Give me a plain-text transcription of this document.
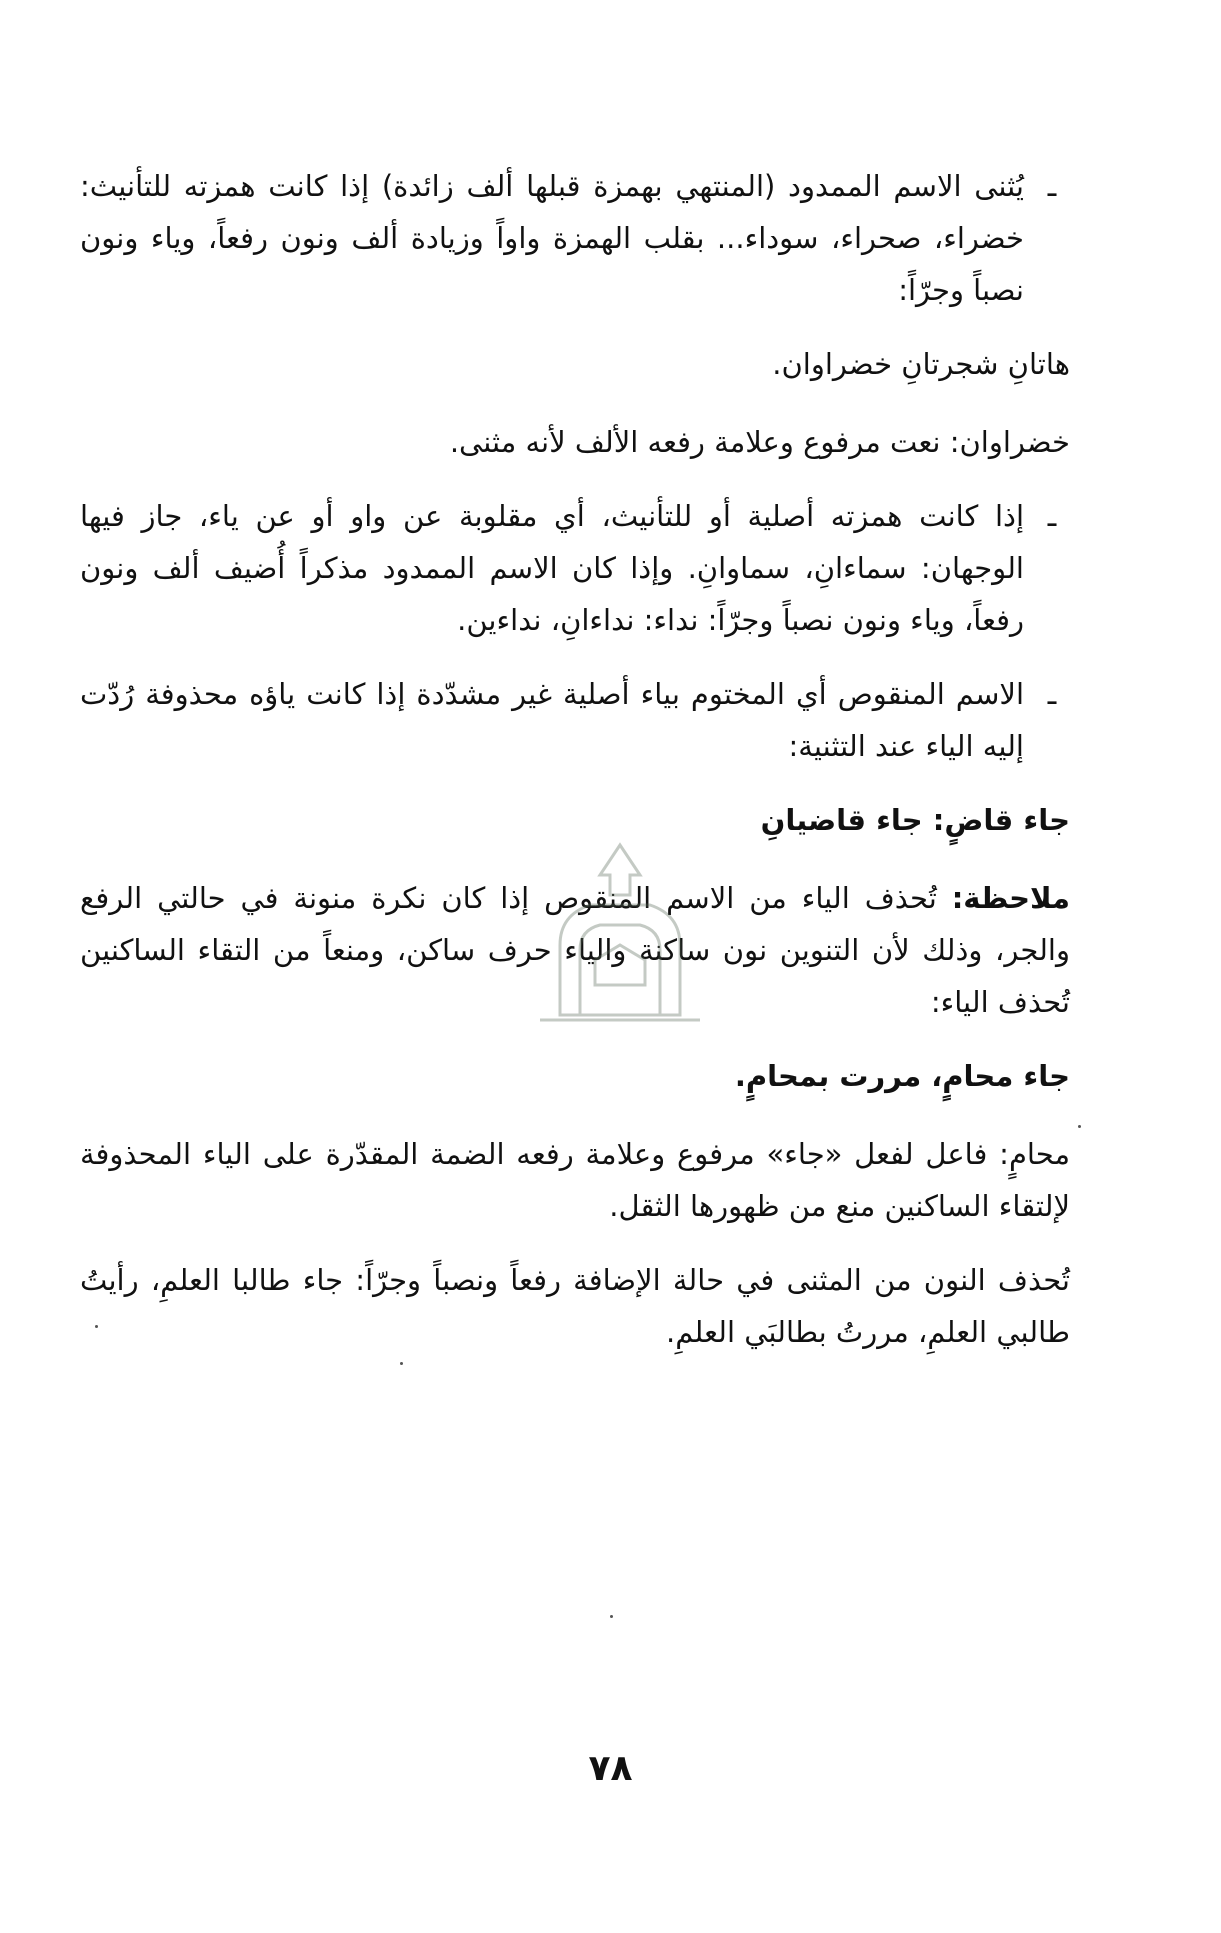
ـ
يُثنى الاسم الممدود (المنتهي بهمزة قبلها ألف زائدة) إذا كانت همزته للتأنيث: خضراء، صحراء، سوداء... بقلب الهمزة واواً وزيادة ألف ونون رفعاً، وياء ونون نصباً وجرّاً:
هاتانِ شجرتانِ خضراوان.
خضراوان: نعت مرفوع وعلامة رفعه الألف لأنه مثنى.
ـ
إذا كانت همزته أصلية أو للتأنيث، أي مقلوبة عن واو أو عن ياء، جاز فيها الوجهان: سماءانِ، سماوانِ. وإذا كان الاسم الممدود مذكراً أُضيف ألف ونون رفعاً، وياء ونون نصباً وجرّاً: نداء: نداءانِ، نداءين.
ـ
الاسم المنقوص أي المختوم بياء أصلية غير مشدّدة إذا كانت ياؤه محذوفة رُدّت إليه الياء عند التثنية:
جاء قاضٍ: جاء قاضيانِ
ملاحظة: تُحذف الياء من الاسم المنقوص إذا كان نكرة منونة في حالتي الرفع والجر، وذلك لأن التنوين نون ساكنة والياء حرف ساكن، ومنعاً من التقاء الساكنين تُحذف الياء:
جاء محامٍ، مررت بمحامٍ.
محامٍ: فاعل لفعل «جاء» مرفوع وعلامة رفعه الضمة المقدّرة على الياء المحذوفة لإلتقاء الساكنين منع من ظهورها الثقل.
تُحذف النون من المثنى في حالة الإضافة رفعاً ونصباً وجرّاً: جاء طالبا العلمِ، رأيتُ طالبي العلمِ، مررتُ بطالبَي العلمِ.
٧٨
